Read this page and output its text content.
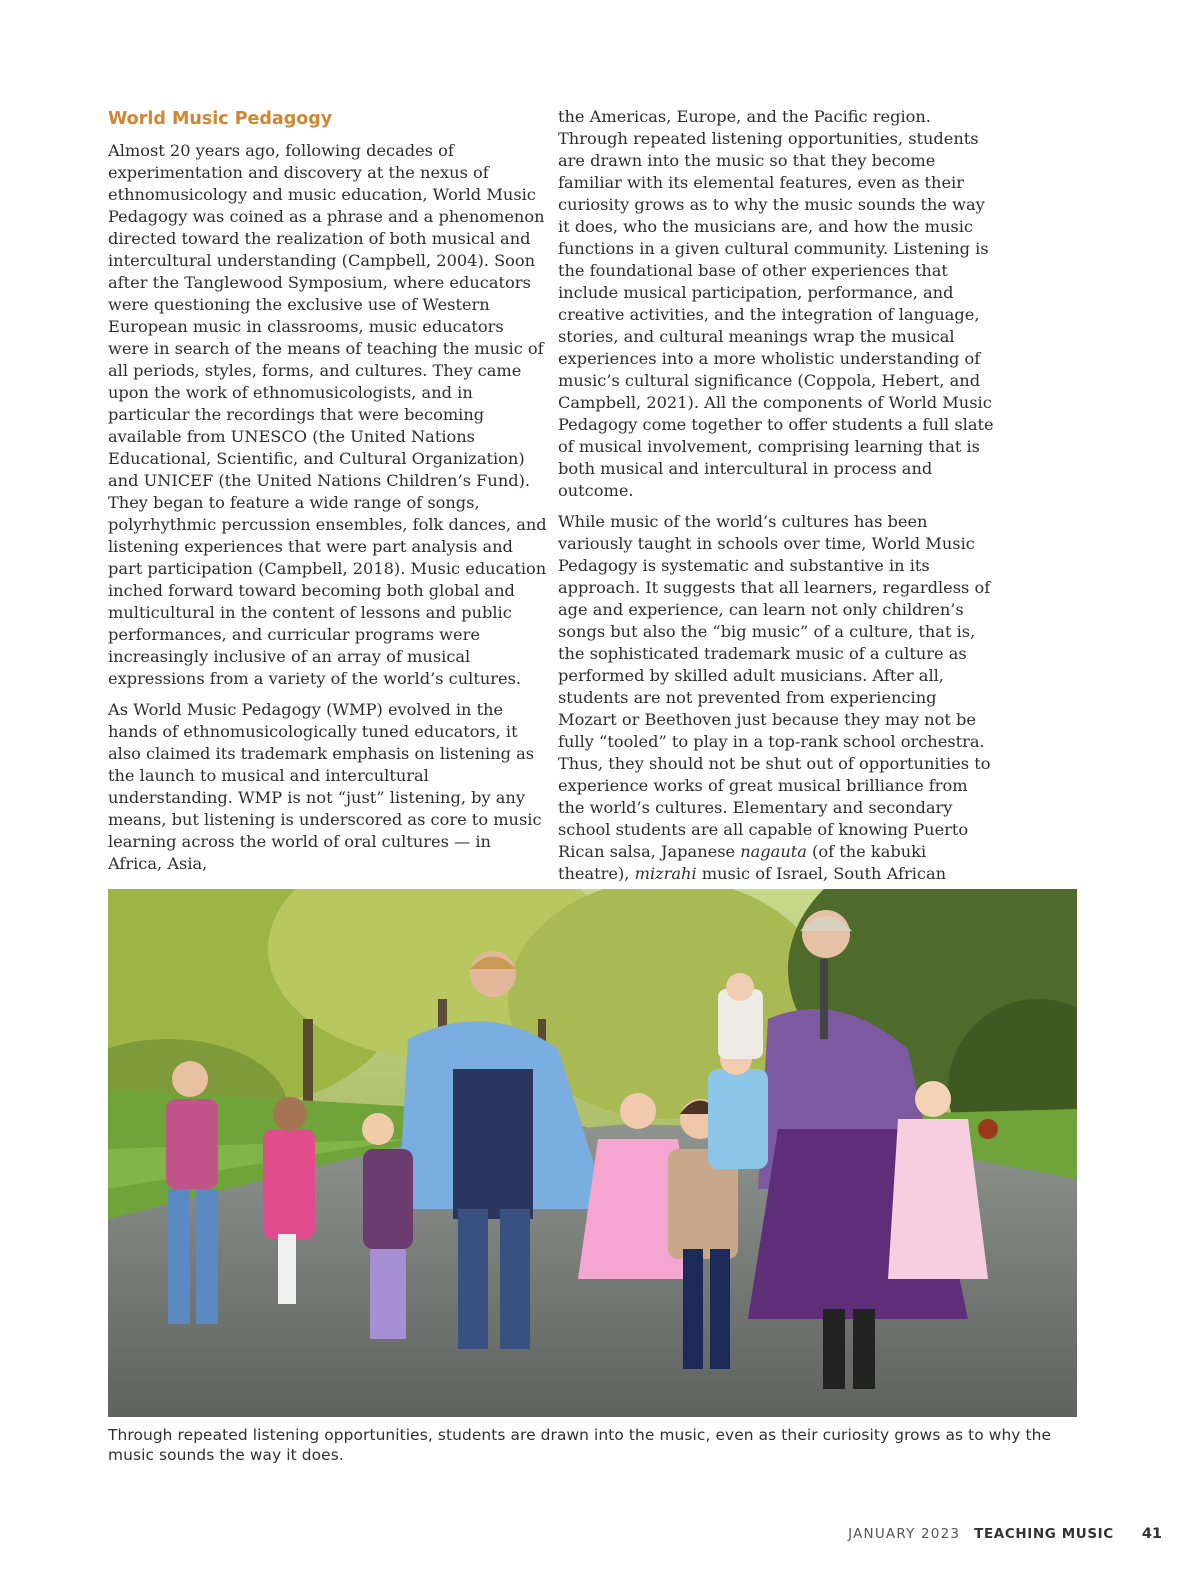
World Music Pedagogy

Almost 20 years ago, following decades of experimentation and discovery at the nexus of ethnomusicology and music education, World Music Pedagogy was coined as a phrase and a phenomenon directed toward the realization of both musical and intercultural understanding (Campbell, 2004). Soon after the Tanglewood Symposium, where educators were questioning the exclusive use of Western European music in classrooms, music educators were in search of the means of teaching the music of all periods, styles, forms, and cultures. They came upon the work of ethnomusicologists, and in particular the recordings that were becoming available from UNESCO (the United Nations Educational, Scientific, and Cultural Organization) and UNICEF (the United Nations Children’s Fund). They began to feature a wide range of songs, polyrhythmic percussion ensembles, folk dances, and listening experiences that were part analysis and part participation (Campbell, 2018). Music education inched forward toward becoming both global and multicultural in the content of lessons and public performances, and curricular programs were increasingly inclusive of an array of musical expressions from a variety of the world’s cultures.

As World Music Pedagogy (WMP) evolved in the hands of ethnomusicologically tuned educators, it also claimed its trademark emphasis on listening as the launch to musical and intercultural understanding. WMP is not “just” listening, by any means, but listening is underscored as core to music learning across the world of oral cultures — in Africa, Asia,

the Americas, Europe, and the Pacific region. Through repeated listening opportunities, students are drawn into the music so that they become familiar with its elemental features, even as their curiosity grows as to why the music sounds the way it does, who the musicians are, and how the music functions in a given cultural community. Listening is the foundational base of other experiences that include musical participation, performance, and creative activities, and the integration of language, stories, and cultural meanings wrap the musical experiences into a more wholistic understanding of music’s cultural significance (Coppola, Hebert, and Campbell, 2021). All the components of World Music Pedagogy come together to offer students a full slate of musical involvement, comprising learning that is both musical and intercultural in process and outcome.

While music of the world’s cultures has been variously taught in schools over time, World Music Pedagogy is systematic and substantive in its approach. It suggests that all learners, regardless of age and experience, can learn not only children’s songs but also the “big music” of a culture, that is, the sophisticated trademark music of a culture as performed by skilled adult musicians. After all, students are not prevented from experiencing Mozart or Beethoven just because they may not be fully “tooled” to play in a top-rank school orchestra. Thus, they should not be shut out of opportunities to experience works of great musical brilliance from the world’s cultures. Elementary and secondary school students are all capable of knowing Puerto Rican salsa, Japanese nagauta (of the kabuki theatre), mizrahi music of Israel, South African

Through repeated listening opportunities, students are drawn into the music, even as their curiosity grows as to why the music sounds the way it does.
JANUARY 2023 TEACHING MUSIC 41
